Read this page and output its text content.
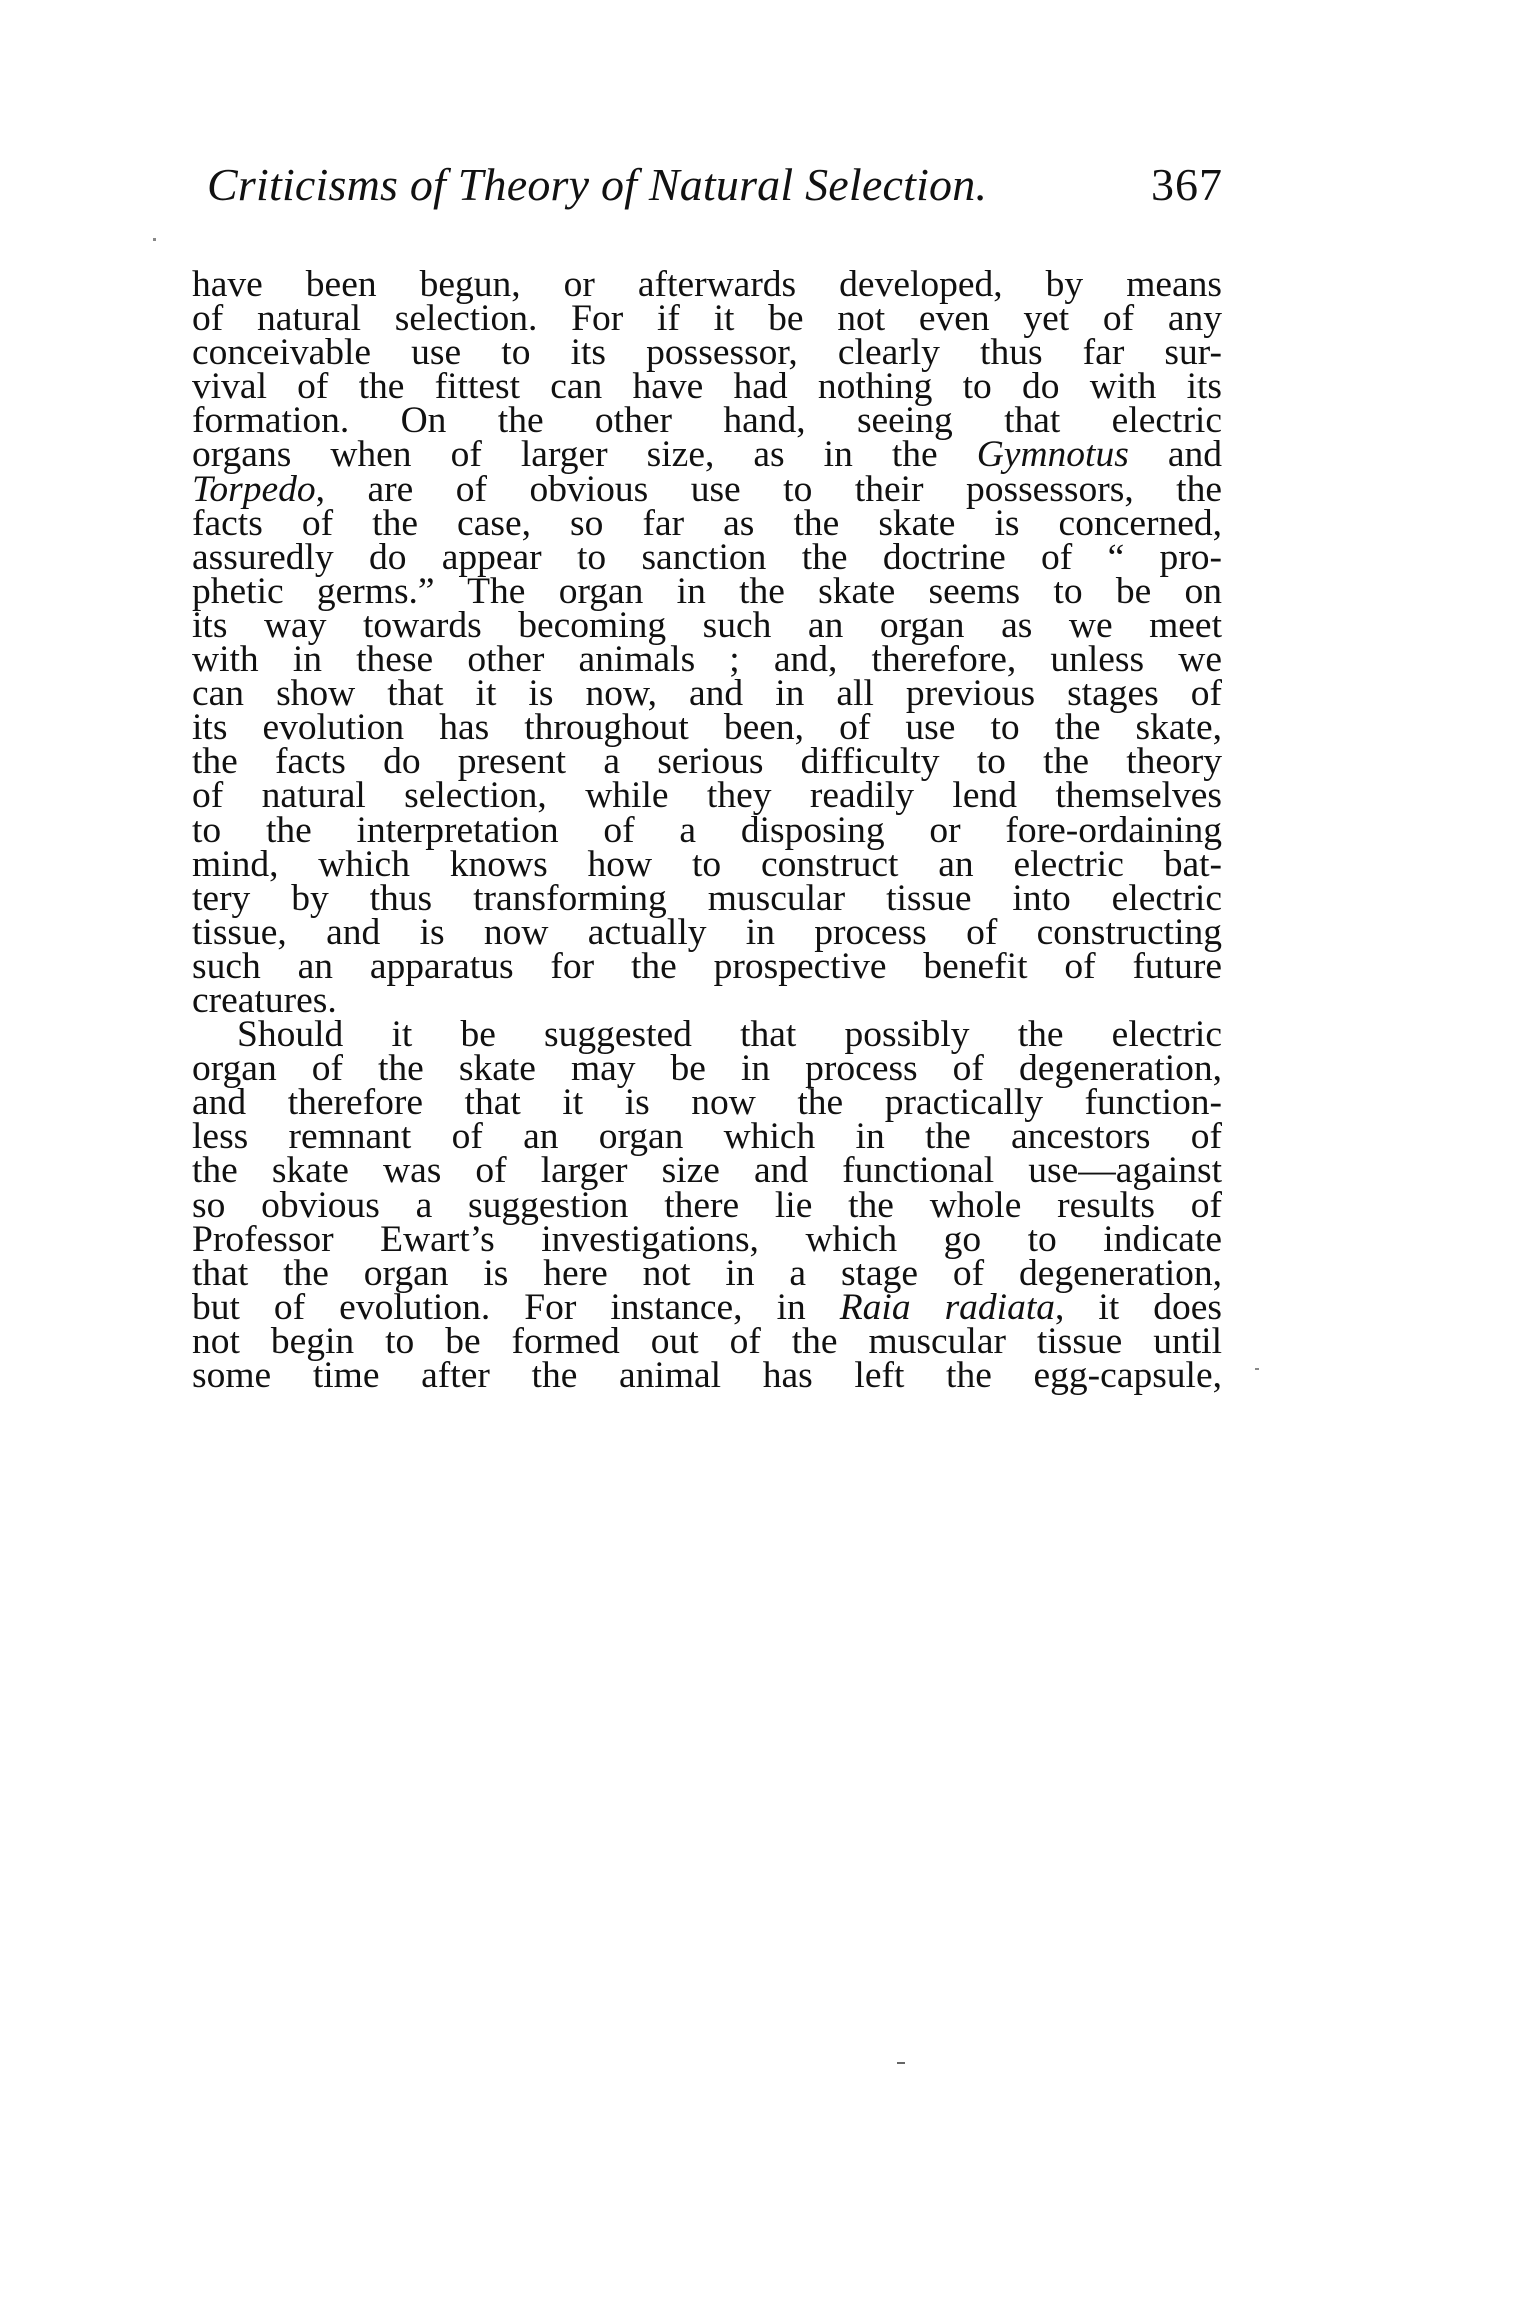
Criticisms of Theory of Natural Selection.	367
have been begun, or afterwards developed, by means
of natural selection. For if it be not even yet of any
conceivable use to its possessor, clearly thus far sur-
vival of the fittest can have had nothing to do with its
formation. On the other hand, seeing that electric
organs when of larger size, as in the Gymnotus and
Torpedo, are of obvious use to their possessors, the
facts of the case, so far as the skate is concerned,
assuredly do appear to sanction the doctrine of “ pro-
phetic germs.” The organ in the skate seems to be on
its way towards becoming such an organ as we meet
with in these other animals ; and, therefore, unless we
can show that it is now, and in all previous stages of
its evolution has throughout been, of use to the skate,
the facts do present a serious difficulty to the theory
of natural selection, while they readily lend themselves
to the interpretation of a disposing or fore-ordaining
mind, which knows how to construct an electric bat-
tery by thus transforming muscular tissue into electric
tissue, and is now actually in process of constructing
such an apparatus for the prospective benefit of future
creatures.
Should it be suggested that possibly the electric
organ of the skate may be in process of degeneration,
and therefore that it is now the practically function-
less remnant of an organ which in the ancestors of
the skate was of larger size and functional use—against
so obvious a suggestion there lie the whole results of
Professor Ewart’s investigations, which go to indicate
that the organ is here not in a stage of degeneration,
but of evolution. For instance, in Raia radiata, it does
not begin to be formed out of the muscular tissue until
some time after the animal has left the egg-capsule,
